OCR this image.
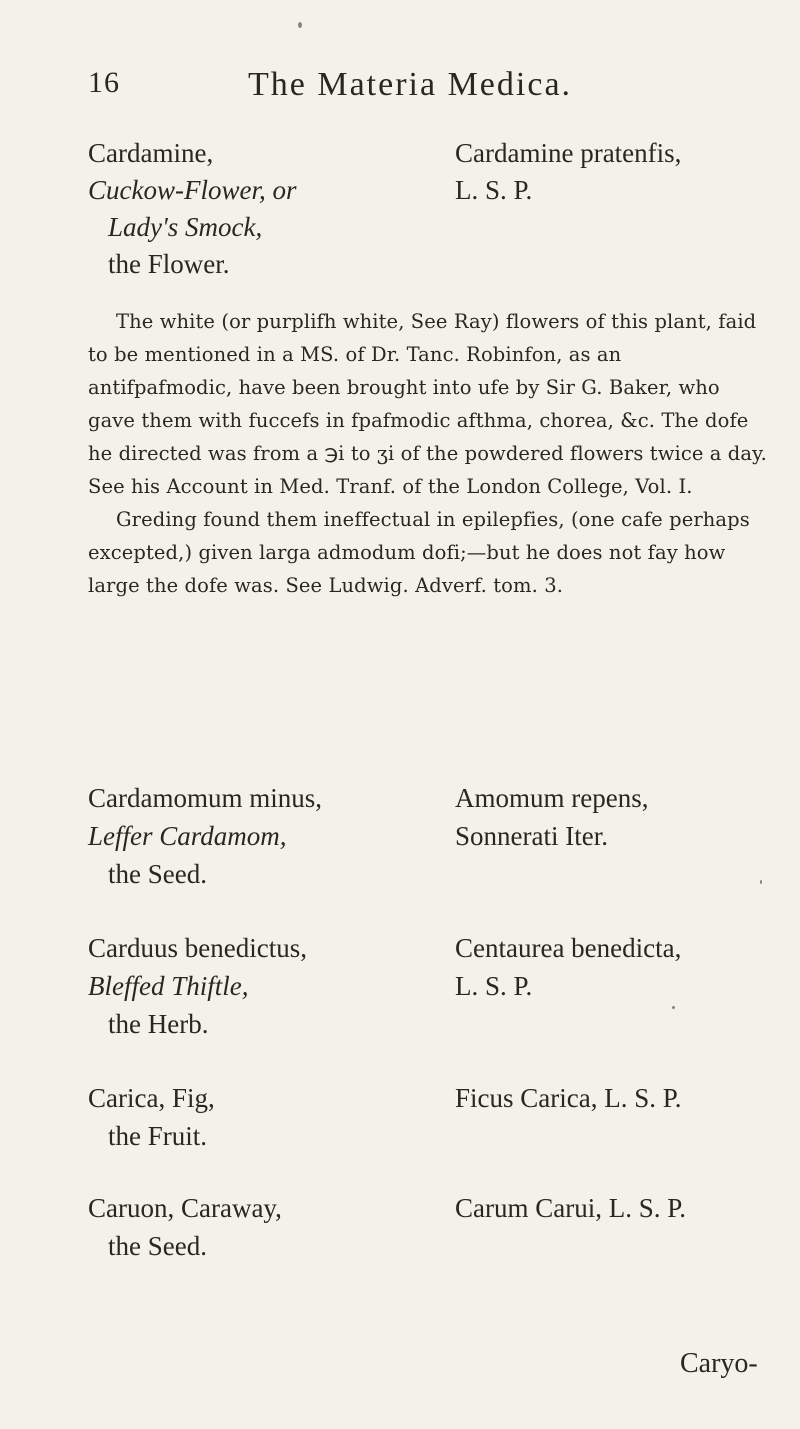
16	The Materia Medica.
Cardamine,
Cuckow-Flower, or
Lady's Smock,
the Flower.
Cardamine pratenfis,
L. S. P.

The white (or purplifh white, See Ray) flowers of this plant, faid to be mentioned in a MS. of Dr. Tanc. Robinfon, as an antifpafmodic, have been brought into ufe by Sir G. Baker, who gave them with fuccefs in fpafmodic afthma, chorea, &c. The dofe he directed was from a ℈i to ʒi of the powdered flowers twice a day. See his Account in Med. Tranf. of the London College, Vol. I.

Greding found them ineffectual in epilepfies, (one cafe perhaps excepted,) given larga admodum dofi;—but he does not fay how large the dofe was. See Ludwig. Adverf. tom. 3.

Cardamomum minus,
Leffer Cardamom,
the Seed.
Amomum repens,
Sonnerati Iter.
Carduus benedictus,
Bleffed Thiftle,
the Herb.
Centaurea benedicta,
L. S. P.
Carica, Fig,
the Fruit.
Ficus Carica, L. S. P.
Caruon, Caraway,
the Seed.
Carum Carui, L. S. P.
Caryo-
